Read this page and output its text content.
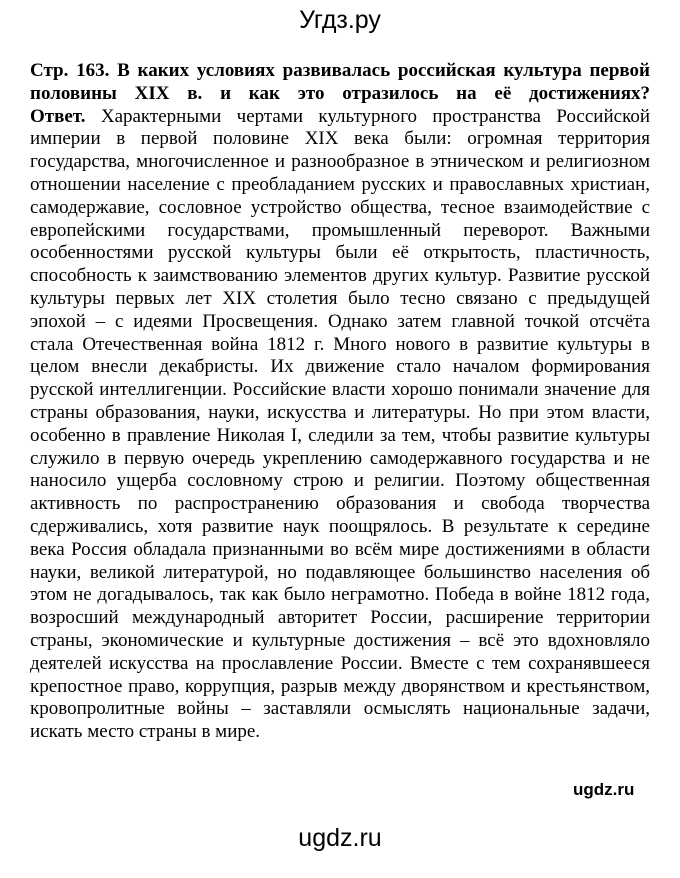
Угдз.ру

Стр. 163. В каких условиях развивалась российская культура первой половины XIX в. и как это отразилось на её достижениях?

Ответ. Характерными чертами культурного пространства Российской империи в первой половине XIX века были: огромная территория государства, многочисленное и разнообразное в этническом и религиозном отношении население с преобладанием русских и православных христиан, самодержавие, сословное устройство общества, тесное взаимодействие с европейскими государствами, промышленный переворот. Важными особенностями русской культуры были её открытость, пластичность, способность к заимствованию элементов других культур. Развитие русской культуры первых лет XIX столетия было тесно связано с предыдущей эпохой – с идеями Просвещения. Однако затем главной точкой отсчёта стала Отечественная война 1812 г. Много нового в развитие культуры в целом внесли декабристы. Их движение стало началом формирования русской интеллигенции. Российские власти хорошо понимали значение для страны образования, науки, искусства и литературы. Но при этом власти, особенно в правление Николая I, следили за тем, чтобы развитие культуры служило в первую очередь укреплению самодержавного государства и не наносило ущерба сословному строю и религии. Поэтому общественная активность по распространению образования и свобода творчества сдерживались, хотя развитие наук поощрялось. В результате к середине века Россия обладала признанными во всём мире достижениями в области науки, великой литературой, но подавляющее большинство населения об этом не догадывалось, так как было неграмотно. Победа в войне 1812 года, возросший международный авторитет России, расширение территории страны, экономические и культурные достижения – всё это вдохновляло деятелей искусства на прославление России. Вместе с тем сохранявшееся крепостное право, коррупция, разрыв между дворянством и крестьянством, кровопролитные войны – заставляли осмыслять национальные задачи, искать место страны в мире.

ugdz.ru
ugdz.ru
